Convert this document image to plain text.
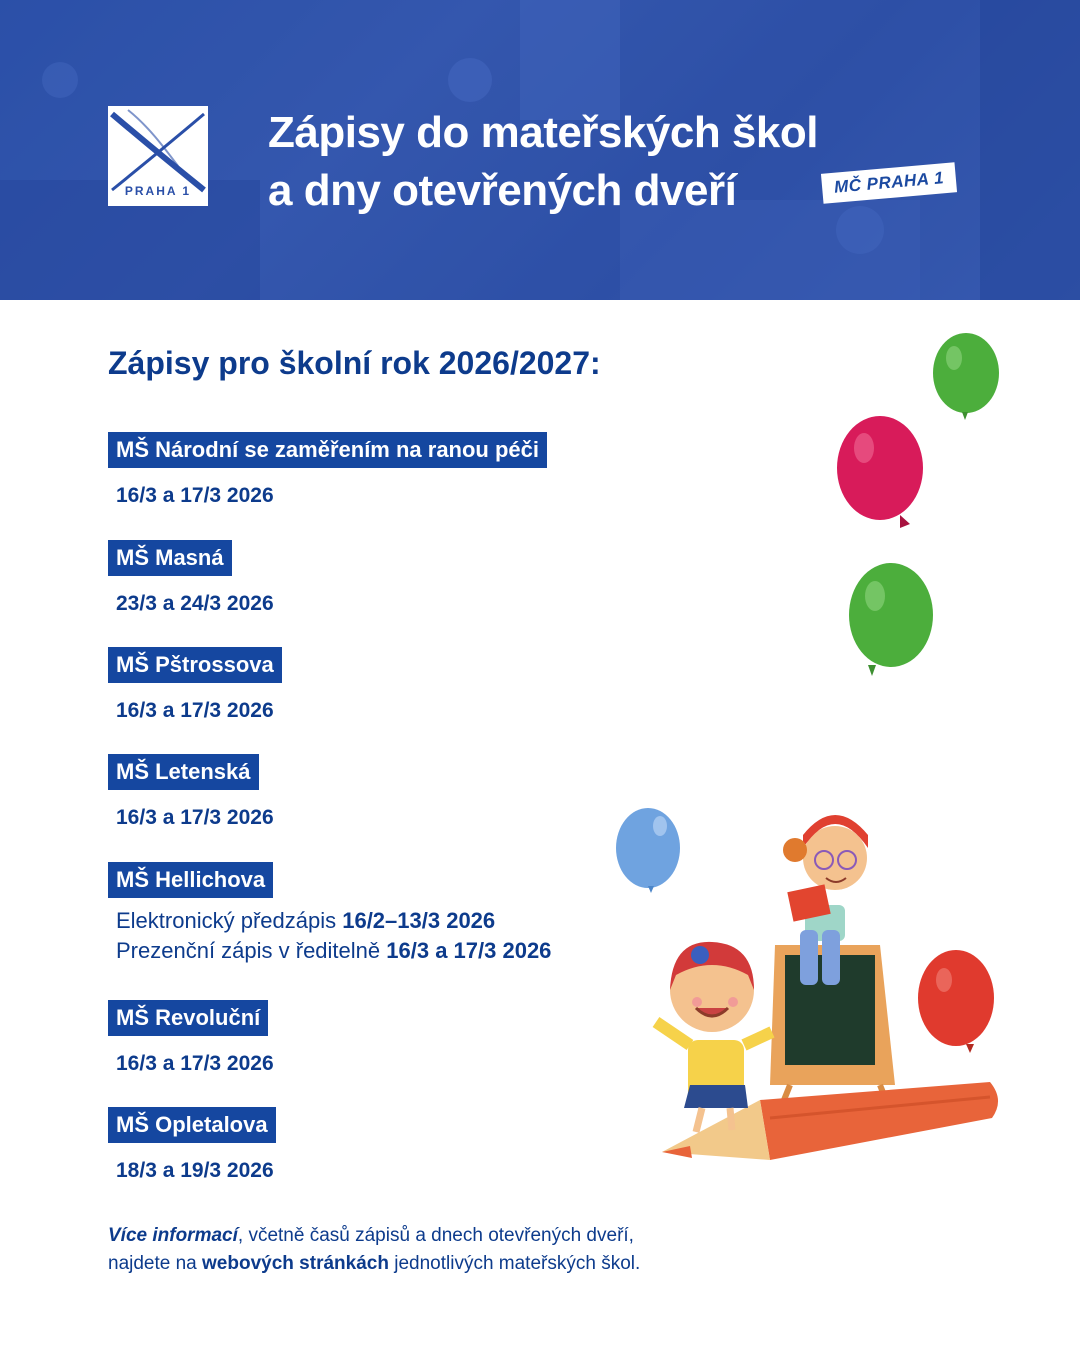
PRAHA 1
Zápisy do mateřských škol
a dny otevřených dveří	MČ PRAHA 1
Zápisy pro školní rok 2026/2027:
MŠ Národní se zaměřením na ranou péči
16/3 a 17/3 2026
MŠ Masná
23/3 a 24/3 2026
MŠ Pštrossova
16/3 a 17/3 2026
MŠ Letenská
16/3 a 17/3 2026
MŠ Hellichova
Elektronický předzápis 16/2–13/3 2026
Prezenční zápis v ředitelně 16/3 a 17/3 2026
MŠ Revoluční
16/3 a 17/3 2026
MŠ Opletalova
18/3 a 19/3 2026
Více informací, včetně časů zápisů a dnech otevřených dveří,
najdete na webových stránkách jednotlivých mateřských škol.
